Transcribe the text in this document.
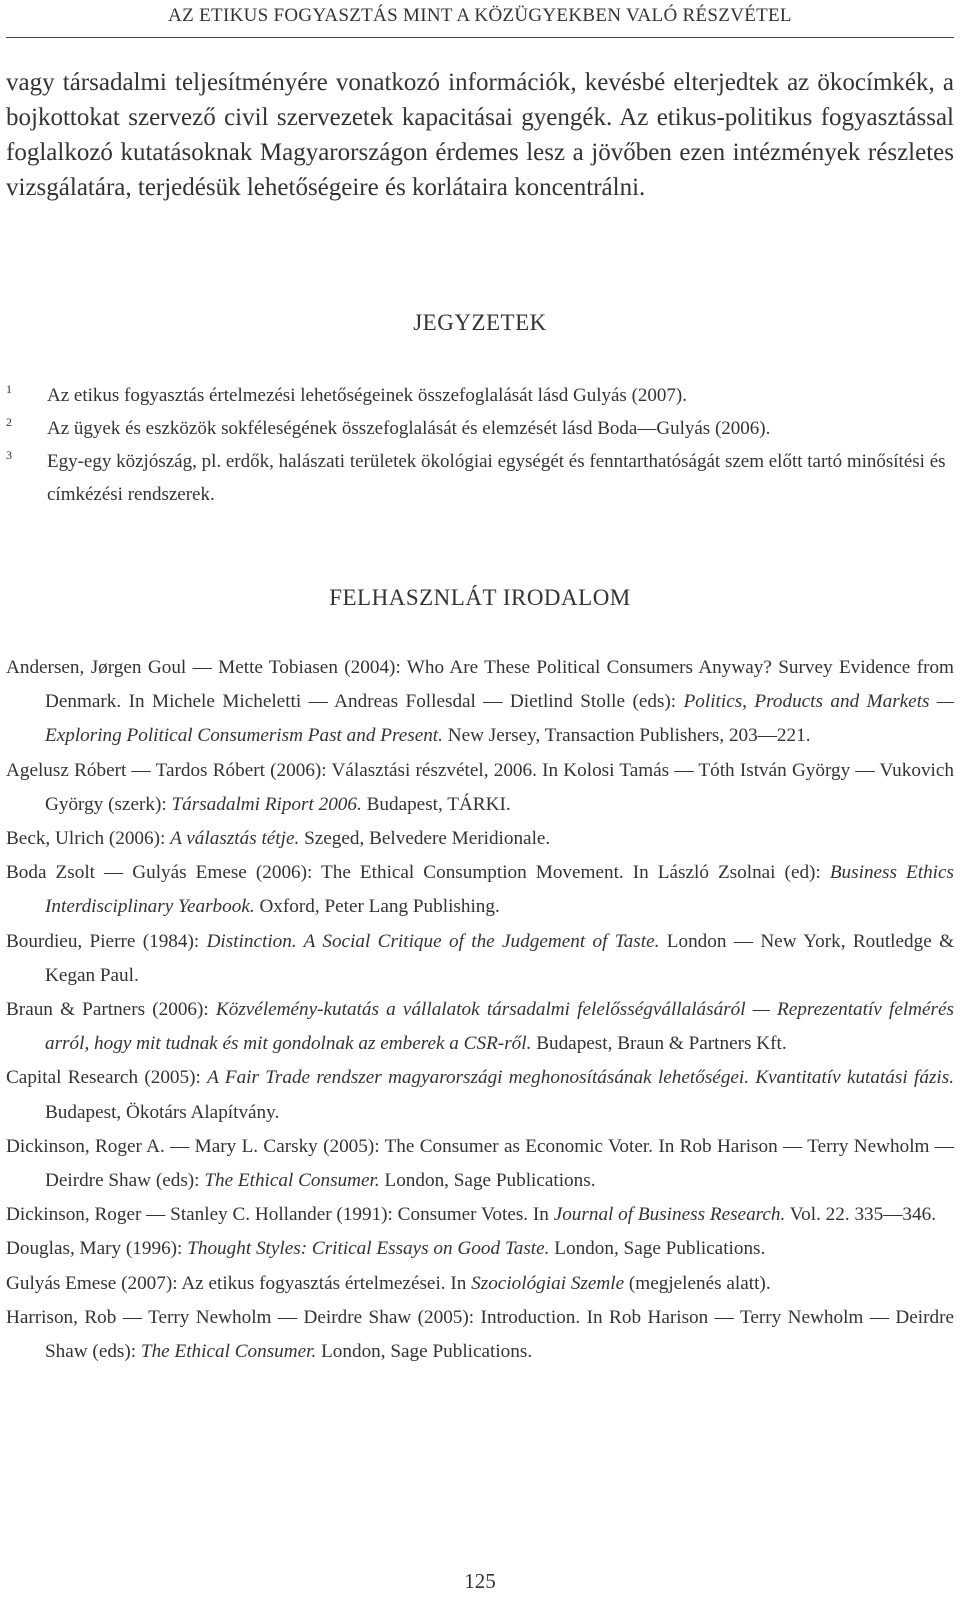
AZ ETIKUS FOGYASZTÁS MINT A KÖZÜGYEKBEN VALÓ RÉSZVÉTEL

vagy társadalmi teljesítményére vonatkozó információk, kevésbé elterjedtek az ökocímkék, a bojkottokat szervező civil szervezetek kapacitásai gyengék. Az etikus-politikus fogyasztással foglalkozó kutatásoknak Magyarországon érdemes lesz a jövőben ezen intézmények részletes vizsgálatára, terjedésük lehetőségeire és korlátaira koncentrálni.

JEGYZETEK
1 Az etikus fogyasztás értelmezési lehetőségeinek összefoglalását lásd Gulyás (2007).
2 Az ügyek és eszközök sokféleségének összefoglalását és elemzését lásd Boda—Gulyás (2006).
3 Egy-egy közjószág, pl. erdők, halászati területek ökológiai egységét és fenntarthatóságát szem előtt tartó minősítési és címkézési rendszerek.
FELHASZNLÁT IRODALOM
Andersen, Jørgen Goul — Mette Tobiasen (2004): Who Are These Political Consumers Anyway? Survey Evidence from Denmark. In Michele Micheletti — Andreas Follesdal — Dietlind Stolle (eds): Politics, Products and Markets — Exploring Political Consumerism Past and Present. New Jersey, Transaction Publishers, 203—221.
Agelusz Róbert — Tardos Róbert (2006): Választási részvétel, 2006. In Kolosi Tamás — Tóth István György — Vukovich György (szerk): Társadalmi Riport 2006. Budapest, TÁRKI.
Beck, Ulrich (2006): A választás tétje. Szeged, Belvedere Meridionale.
Boda Zsolt — Gulyás Emese (2006): The Ethical Consumption Movement. In László Zsolnai (ed): Business Ethics Interdisciplinary Yearbook. Oxford, Peter Lang Publishing.
Bourdieu, Pierre (1984): Distinction. A Social Critique of the Judgement of Taste. London — New York, Routledge & Kegan Paul.
Braun & Partners (2006): Közvélemény-kutatás a vállalatok társadalmi felelősségvállalásáról — Reprezentatív felmérés arról, hogy mit tudnak és mit gondolnak az emberek a CSR-ről. Budapest, Braun & Partners Kft.
Capital Research (2005): A Fair Trade rendszer magyarországi meghonosításának lehetőségei. Kvantitatív kutatási fázis. Budapest, Ökotárs Alapítvány.
Dickinson, Roger A. — Mary L. Carsky (2005): The Consumer as Economic Voter. In Rob Harison — Terry Newholm — Deirdre Shaw (eds): The Ethical Consumer. London, Sage Publications.
Dickinson, Roger — Stanley C. Hollander (1991): Consumer Votes. In Journal of Business Research. Vol. 22. 335—346.
Douglas, Mary (1996): Thought Styles: Critical Essays on Good Taste. London, Sage Publications.
Gulyás Emese (2007): Az etikus fogyasztás értelmezései. In Szociológiai Szemle (megjelenés alatt).
Harrison, Rob — Terry Newholm — Deirdre Shaw (2005): Introduction. In Rob Harison — Terry Newholm — Deirdre Shaw (eds): The Ethical Consumer. London, Sage Publications.
125
